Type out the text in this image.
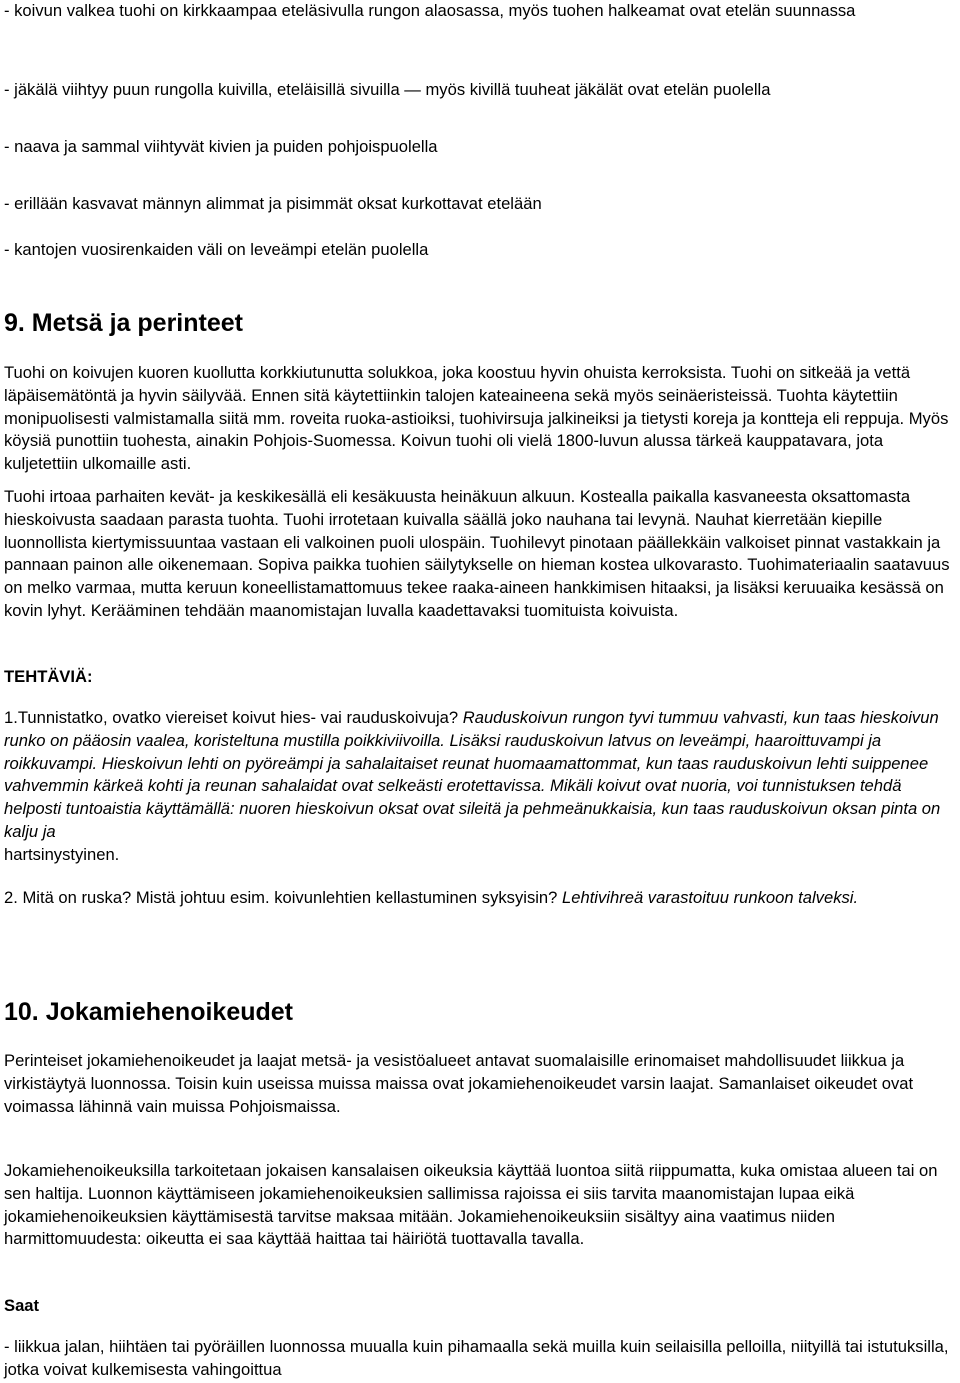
- koivun valkea tuohi on kirkkaampaa eteläsivulla rungon alaosassa, myös tuohen halkeamat ovat etelän suunnassa

- jäkälä viihtyy puun rungolla kuivilla, eteläisillä sivuilla — myös kivillä tuuheat jäkälät ovat etelän puolella

- naava ja sammal viihtyvät kivien ja puiden pohjoispuolella

- erillään kasvavat männyn alimmat ja pisimmät oksat kurkottavat etelään

- kantojen vuosirenkaiden väli on leveämpi etelän puolella

9. Metsä ja perinteet

Tuohi on koivujen kuoren kuollutta korkkiutunutta solukkoa, joka koostuu hyvin ohuista kerroksista. Tuohi on sitkeää ja vettä läpäisemätöntä ja hyvin säilyvää. Ennen sitä käytettiinkin talojen kateaineena sekä myös seinäeristeissä. Tuohta käytettiin monipuolisesti valmistamalla siitä mm. roveita ruoka-astioiksi, tuohivirsuja jalkineiksi ja tietysti koreja ja kontteja eli reppuja. Myös köysiä punottiin tuohesta, ainakin Pohjois-Suomessa. Koivun tuohi oli vielä 1800-luvun alussa tärkeä kauppatavara, jota kuljetettiin ulkomaille asti.

Tuohi irtoaa parhaiten kevät- ja keskikesällä eli kesäkuusta heinäkuun alkuun. Kostealla paikalla kasvaneesta oksattomasta hieskoivusta saadaan parasta tuohta. Tuohi irrotetaan kuivalla säällä joko nauhana tai levynä. Nauhat kierretään kiepille luonnollista kiertymissuuntaa vastaan eli valkoinen puoli ulospäin. Tuohilevyt pinotaan päällekkäin valkoiset pinnat vastakkain ja pannaan painon alle oikenemaan. Sopiva paikka tuohien säilytykselle on hieman kostea ulkovarasto. Tuohimateriaalin saatavuus on melko varmaa, mutta keruun koneellistamattomuus tekee raaka-aineen hankkimisen hitaaksi, ja lisäksi keruuaika kesässä on kovin lyhyt. Kerääminen tehdään maanomistajan luvalla kaadettavaksi tuomituista koivuista.

TEHTÄVIÄ:

1.Tunnistatko, ovatko viereiset koivut hies- vai rauduskoivuja? Rauduskoivun rungon tyvi tummuu vahvasti, kun taas hieskoivun runko on pääosin vaalea, koristeltuna mustilla poikkiviivoilla. Lisäksi rauduskoivun latvus on leveämpi, haaroittuvampi ja roikkuvampi. Hieskoivun lehti on pyöreämpi ja sahalaitaiset reunat huomaamattommat, kun taas rauduskoivun lehti suippenee vahvemmin kärkeä kohti ja reunan sahalaidat ovat selkeästi erotettavissa. Mikäli koivut ovat nuoria, voi tunnistuksen tehdä helposti tuntoaistia käyttämällä: nuoren hieskoivun oksat ovat sileitä ja pehmeänukkaisia, kun taas rauduskoivun oksan pinta on kalju ja
hartsinystyinen.

2. Mitä on ruska? Mistä johtuu esim. koivunlehtien kellastuminen syksyisin? Lehtivihreä varastoituu runkoon talveksi.

10. Jokamiehenoikeudet

Perinteiset jokamiehenoikeudet ja laajat metsä- ja vesistöalueet antavat suomalaisille erinomaiset mahdollisuudet liikkua ja virkistäytyä luonnossa. Toisin kuin useissa muissa maissa ovat jokamiehenoikeudet varsin laajat. Samanlaiset oikeudet ovat voimassa lähinnä vain muissa Pohjoismaissa.

Jokamiehenoikeuksilla tarkoitetaan jokaisen kansalaisen oikeuksia käyttää luontoa siitä riippumatta, kuka omistaa alueen tai on sen haltija. Luonnon käyttämiseen jokamiehenoikeuksien sallimissa rajoissa ei siis tarvita maanomistajan lupaa eikä jokamiehenoikeuksien käyttämisestä tarvitse maksaa mitään. Jokamiehenoikeuksiin sisältyy aina vaatimus niiden harmittomuudesta: oikeutta ei saa käyttää haittaa tai häiriötä tuottavalla tavalla.

Saat

- liikkua jalan, hiihtäen tai pyöräillen luonnossa muualla kuin pihamaalla sekä muilla kuin seilaisilla pelloilla, niityillä tai istutuksilla, jotka voivat kulkemisesta vahingoittua
